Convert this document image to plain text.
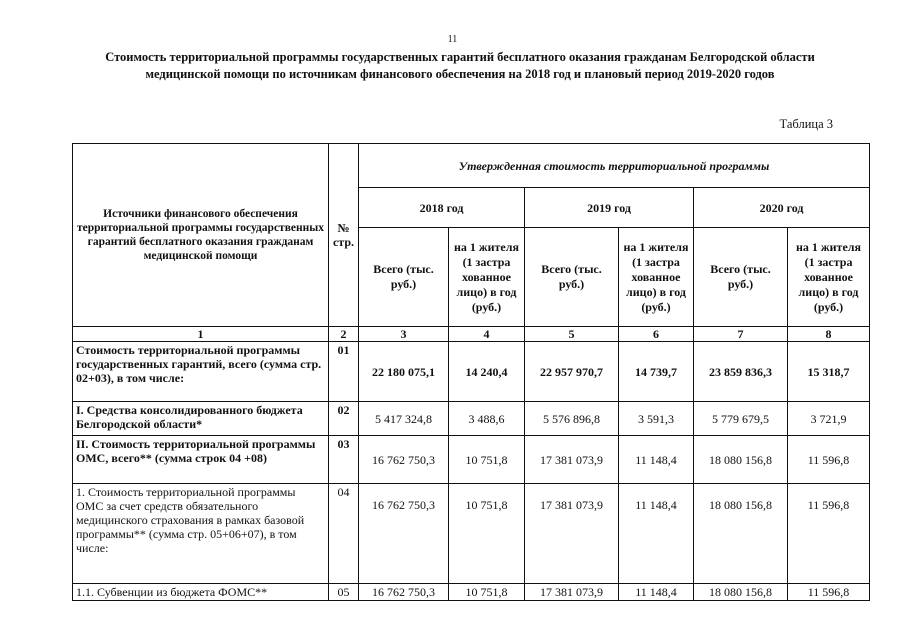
11
Стоимость территориальной программы государственных гарантий бесплатного оказания гражданам Белгородской области медицинской помощи по источникам финансового обеспечения на 2018 год и плановый период 2019-2020 годов
Таблица 3
Источники финансового обеспечения территориальной программы государственных гарантий бесплатного оказания гражданам медицинской помощи	№ стр.	Утвержденная стоимость территориальной программы					
		2018 год		2019 год		2020 год	
		Всего (тыс. руб.)	на 1 жителя (1 застра хованное лицо) в год (руб.)	Всего (тыс. руб.)	на 1 жителя (1 застра хованное лицо) в год (руб.)	Всего (тыс. руб.)	на 1 жителя (1 застра хованное лицо) в год (руб.)
1	2	3	4	5	6	7	8
Стоимость территориальной программы государственных гарантий, всего (сумма стр. 02+03), в том числе:	01	22 180 075,1	14 240,4	22 957 970,7	14 739,7	23 859 836,3	15 318,7
I. Средства консолидированного бюджета Белгородской области*	02	5 417 324,8	3 488,6	5 576 896,8	3 591,3	5 779 679,5	3 721,9
II. Стоимость территориальной программы ОМС, всего** (сумма строк 04 +08)	03	16 762 750,3	10 751,8	17 381 073,9	11 148,4	18 080 156,8	11 596,8
1. Стоимость территориальной программы ОМС за счет средств обязательного медицинского страхования в рамках базовой программы** (сумма стр. 05+06+07), в том числе:	04	16 762 750,3	10 751,8	17 381 073,9	11 148,4	18 080 156,8	11 596,8
1.1. Субвенции из бюджета ФОМС**	05	16 762 750,3	10 751,8	17 381 073,9	11 148,4	18 080 156,8	11 596,8
